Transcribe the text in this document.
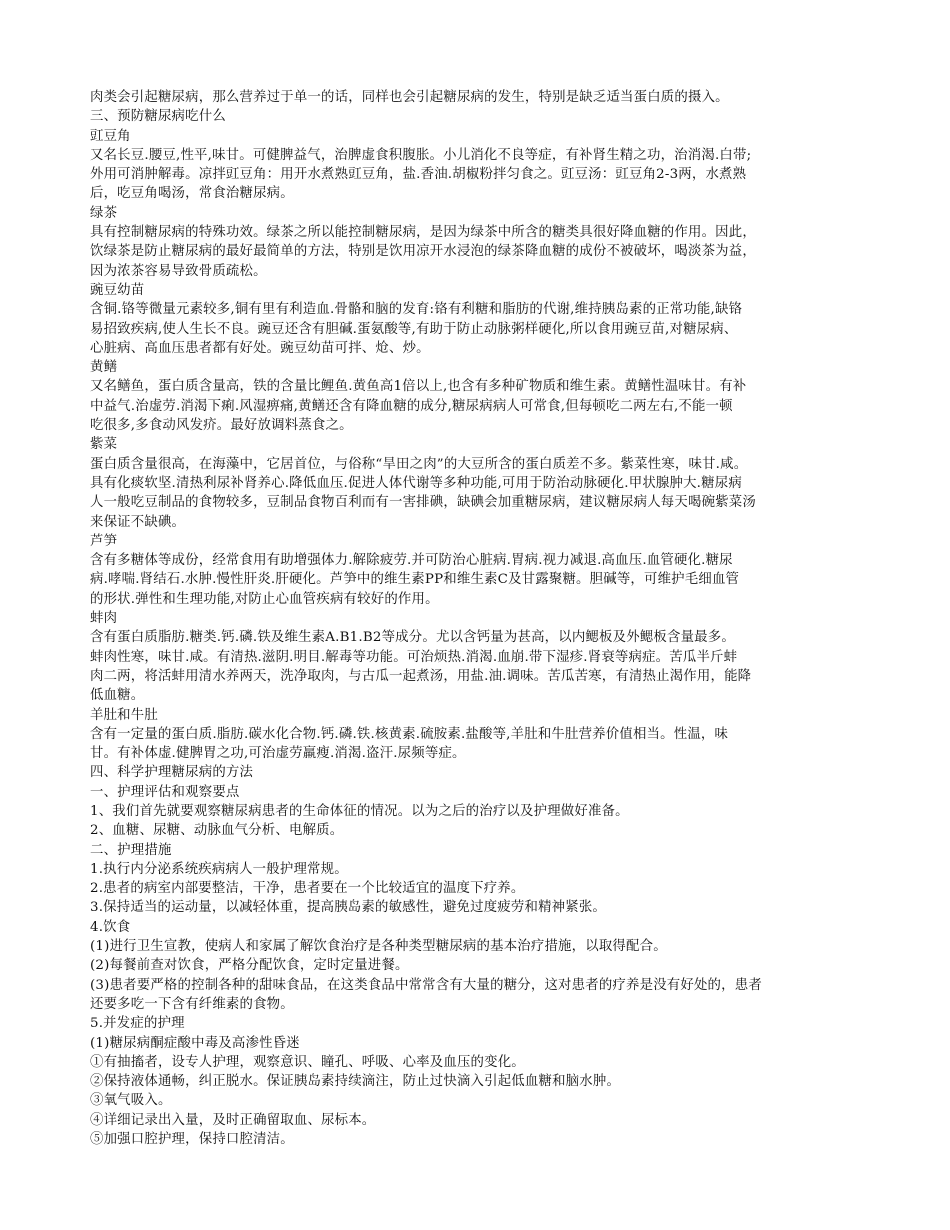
肉类会引起糖尿病，那么营养过于单一的话，同样也会引起糖尿病的发生，特别是缺乏适当蛋白质的摄入。
三、预防糖尿病吃什么
豇豆角
又名长豆.腰豆,性平,味甘。可健脾益气，治脾虚食积腹胀。小儿消化不良等症，有补肾生精之功，治消渴.白带;
外用可消肿解毒。凉拌豇豆角：用开水煮熟豇豆角，盐.香油.胡椒粉拌匀食之。豇豆汤：豇豆角2-3两，水煮熟
后，吃豆角喝汤，常食治糖尿病。
绿茶
具有控制糖尿病的特殊功效。绿茶之所以能控制糖尿病，是因为绿茶中所含的糖类具很好降血糖的作用。因此，
饮绿茶是防止糖尿病的最好最简单的方法，特别是饮用凉开水浸泡的绿茶降血糖的成份不被破坏，喝淡茶为益，
因为浓茶容易导致骨质疏松。
豌豆幼苗
含铜.铬等微量元素较多,铜有里有利造血.骨骼和脑的发育:铬有利糖和脂肪的代谢,维持胰岛素的正常功能,缺铬
易招致疾病,使人生长不良。豌豆还含有胆碱.蛋氨酸等,有助于防止动脉粥样硬化,所以食用豌豆苗,对糖尿病、
心脏病、高血压患者都有好处。豌豆幼苗可拌、炝、炒。
黄鳝
又名鳝鱼，蛋白质含量高，铁的含量比鲤鱼.黄鱼高1倍以上,也含有多种矿物质和维生素。黄鳝性温味甘。有补
中益气.治虚劳.消渴下痢.风湿痹痛,黄鳝还含有降血糖的成分,糖尿病病人可常食,但每顿吃二两左右,不能一顿
吃很多,多食动风发疥。最好放调料蒸食之。
紫菜
蛋白质含量很高，在海藻中，它居首位，与俗称“旱田之肉”的大豆所含的蛋白质差不多。紫菜性寒，味甘.咸。
具有化痰软坚.清热利尿补肾养心.降低血压.促进人体代谢等多种功能,可用于防治动脉硬化.甲状腺肿大.糖尿病
人一般吃豆制品的食物较多，豆制品食物百利而有一害排碘，缺碘会加重糖尿病，建议糖尿病人每天喝碗紫菜汤
来保证不缺碘。
芦笋
含有多糖体等成份，经常食用有助增强体力.解除疲劳.并可防治心脏病.胃病.视力减退.高血压.血管硬化.糖尿
病.哮喘.肾结石.水肿.慢性肝炎.肝硬化。芦笋中的维生素PP和维生素C及甘露聚糖。胆碱等，可维护毛细血管
的形状.弹性和生理功能,对防止心血管疾病有较好的作用。
蚌肉
含有蛋白质脂肪.糖类.钙.磷.铁及维生素A.B1.B2等成分。尤以含钙量为甚高，以内鳃板及外鳃板含量最多。
蚌肉性寒，味甘.咸。有清热.滋阴.明目.解毒等功能。可治烦热.消渴.血崩.带下湿疹.肾衰等病症。苦瓜半斤蚌
肉二两，将活蚌用清水养两天，洗净取肉，与古瓜一起煮汤，用盐.油.调味。苦瓜苦寒，有清热止渴作用，能降
低血糖。
羊肚和牛肚
含有一定量的蛋白质.脂肪.碳水化合物.钙.磷.铁.核黄素.硫胺素.盐酸等,羊肚和牛肚营养价值相当。性温，味
甘。有补体虚.健脾胃之功,可治虚劳羸瘦.消渴.盗汗.尿频等症。
四、科学护理糖尿病的方法
一、护理评估和观察要点
1、我们首先就要观察糖尿病患者的生命体征的情况。以为之后的治疗以及护理做好准备。
2、血糖、尿糖、动脉血气分析、电解质。
二、护理措施
1.执行内分泌系统疾病病人一般护理常规。
2.患者的病室内部要整洁，干净，患者要在一个比较适宜的温度下疗养。
3.保持适当的运动量，以减轻体重，提高胰岛素的敏感性，避免过度疲劳和精神紧张。
4.饮食
(1)进行卫生宣教，使病人和家属了解饮食治疗是各种类型糖尿病的基本治疗措施，以取得配合。
(2)每餐前查对饮食，严格分配饮食，定时定量进餐。
(3)患者要严格的控制各种的甜味食品，在这类食品中常常含有大量的糖分，这对患者的疗养是没有好处的，患者
还要多吃一下含有纤维素的食物。
5.并发症的护理
(1)糖尿病酮症酸中毒及高渗性昏迷
①有抽搐者，设专人护理，观察意识、瞳孔、呼吸、心率及血压的变化。
②保持液体通畅，纠正脱水。保证胰岛素持续滴注，防止过快滴入引起低血糖和脑水肿。
③氧气吸入。
④详细记录出入量，及时正确留取血、尿标本。
⑤加强口腔护理，保持口腔清洁。
